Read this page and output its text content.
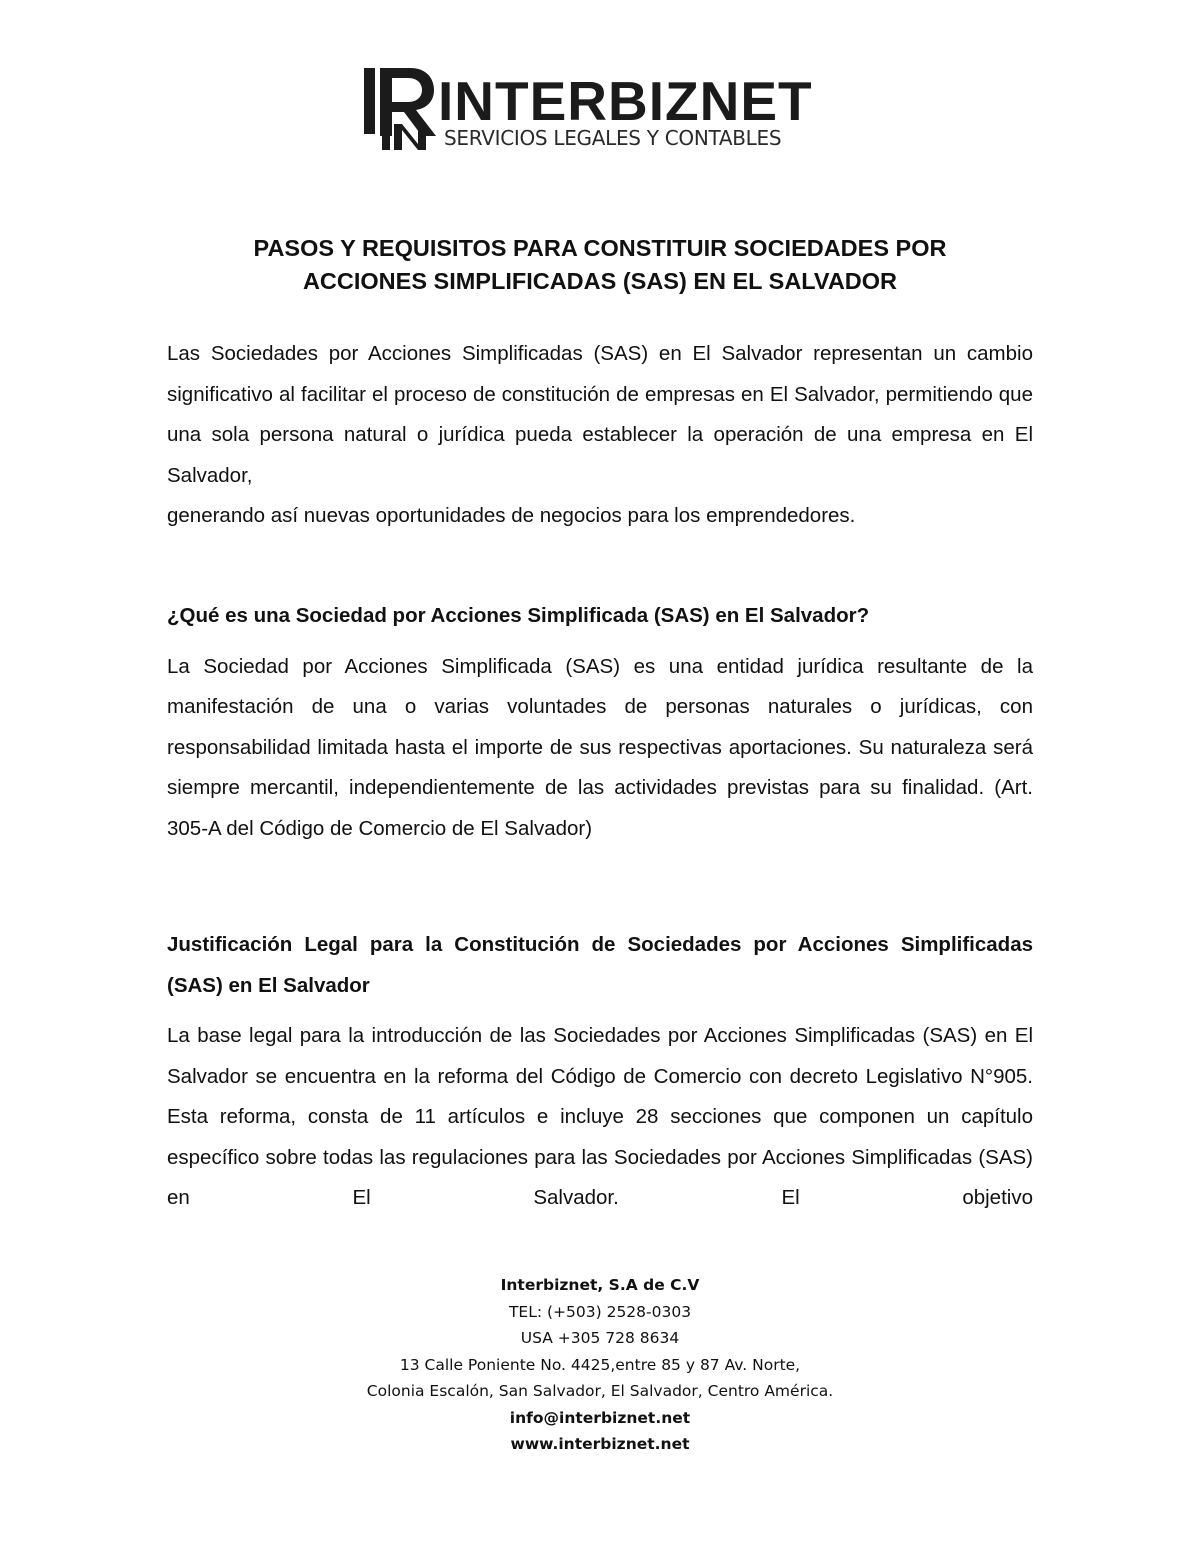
INTERBIZNET
SERVICIOS LEGALES Y CONTABLES
PASOS Y REQUISITOS PARA CONSTITUIR SOCIEDADES POR
ACCIONES SIMPLIFICADAS (SAS) EN EL SALVADOR

Las Sociedades por Acciones Simplificadas (SAS) en El Salvador representan un cambio significativo al facilitar el proceso de constitución de empresas en El Salvador, permitiendo que una sola persona natural o jurídica pueda establecer la operación de una empresa en El Salvador,

generando así nuevas oportunidades de negocios para los emprendedores.

¿Qué es una Sociedad por Acciones Simplificada (SAS) en El Salvador?

La Sociedad por Acciones Simplificada (SAS) es una entidad jurídica resultante de la manifestación de una o varias voluntades de personas naturales o jurídicas, con responsabilidad limitada hasta el importe de sus respectivas aportaciones. Su naturaleza será siempre mercantil, independientemente de las actividades previstas para su finalidad. (Art. 305-A del Código de Comercio de El Salvador)

Justificación Legal para la Constitución de Sociedades por Acciones Simplificadas (SAS) en El Salvador

La base legal para la introducción de las Sociedades por Acciones Simplificadas (SAS) en El Salvador se encuentra en la reforma del Código de Comercio con decreto Legislativo N°905. Esta reforma, consta de 11 artículos e incluye 28 secciones que componen un capítulo específico sobre todas las regulaciones para las Sociedades por Acciones Simplificadas (SAS) en El Salvador. El objetivo

Interbiznet, S.A de C.V
TEL: (+503) 2528-0303
USA +305 728 8634
13 Calle Poniente No. 4425,entre 85 y 87 Av. Norte,
Colonia Escalón, San Salvador, El Salvador, Centro América.
info@interbiznet.net
www.interbiznet.net
